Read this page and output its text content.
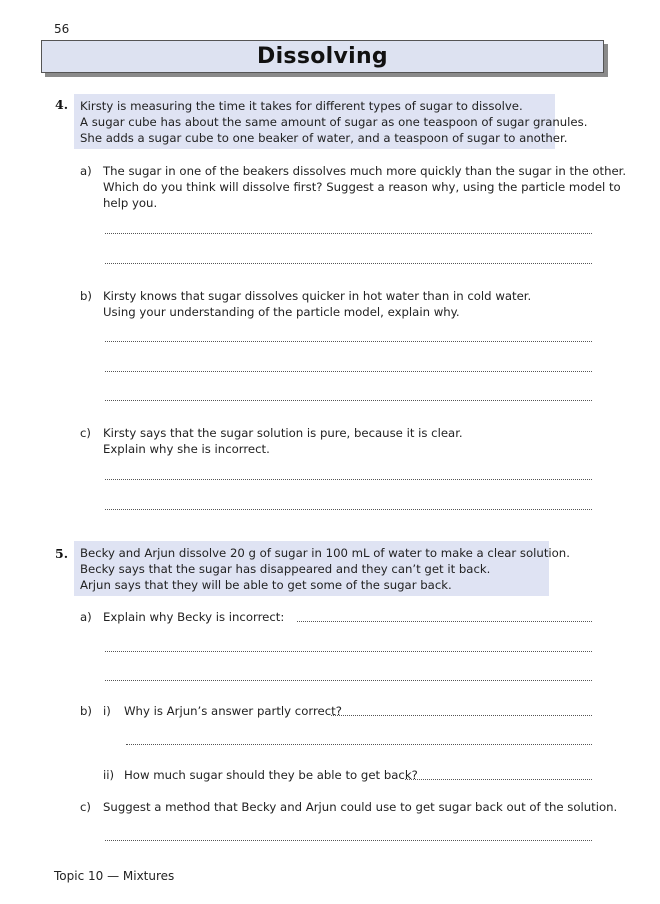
56
Dissolving
4. Kirsty is measuring the time it takes for different types of sugar to dissolve.
A sugar cube has about the same amount of sugar as one teaspoon of sugar granules.
She adds a sugar cube to one beaker of water, and a teaspoon of sugar to another.
a) The sugar in one of the beakers dissolves much more quickly than the sugar in the other.
Which do you think will dissolve first? Suggest a reason why, using the particle model to
help you.
b) Kirsty knows that sugar dissolves quicker in hot water than in cold water.
Using your understanding of the particle model, explain why.
c) Kirsty says that the sugar solution is pure, because it is clear.
Explain why she is incorrect.
5. Becky and Arjun dissolve 20 g of sugar in 100 mL of water to make a clear solution.
Becky says that the sugar has disappeared and they can’t get it back.
Arjun says that they will be able to get some of the sugar back.
a) Explain why Becky is incorrect:
b) i) Why is Arjun’s answer partly correct?
ii) How much sugar should they be able to get back?
c) Suggest a method that Becky and Arjun could use to get sugar back out of the solution.
Topic 10 — Mixtures
